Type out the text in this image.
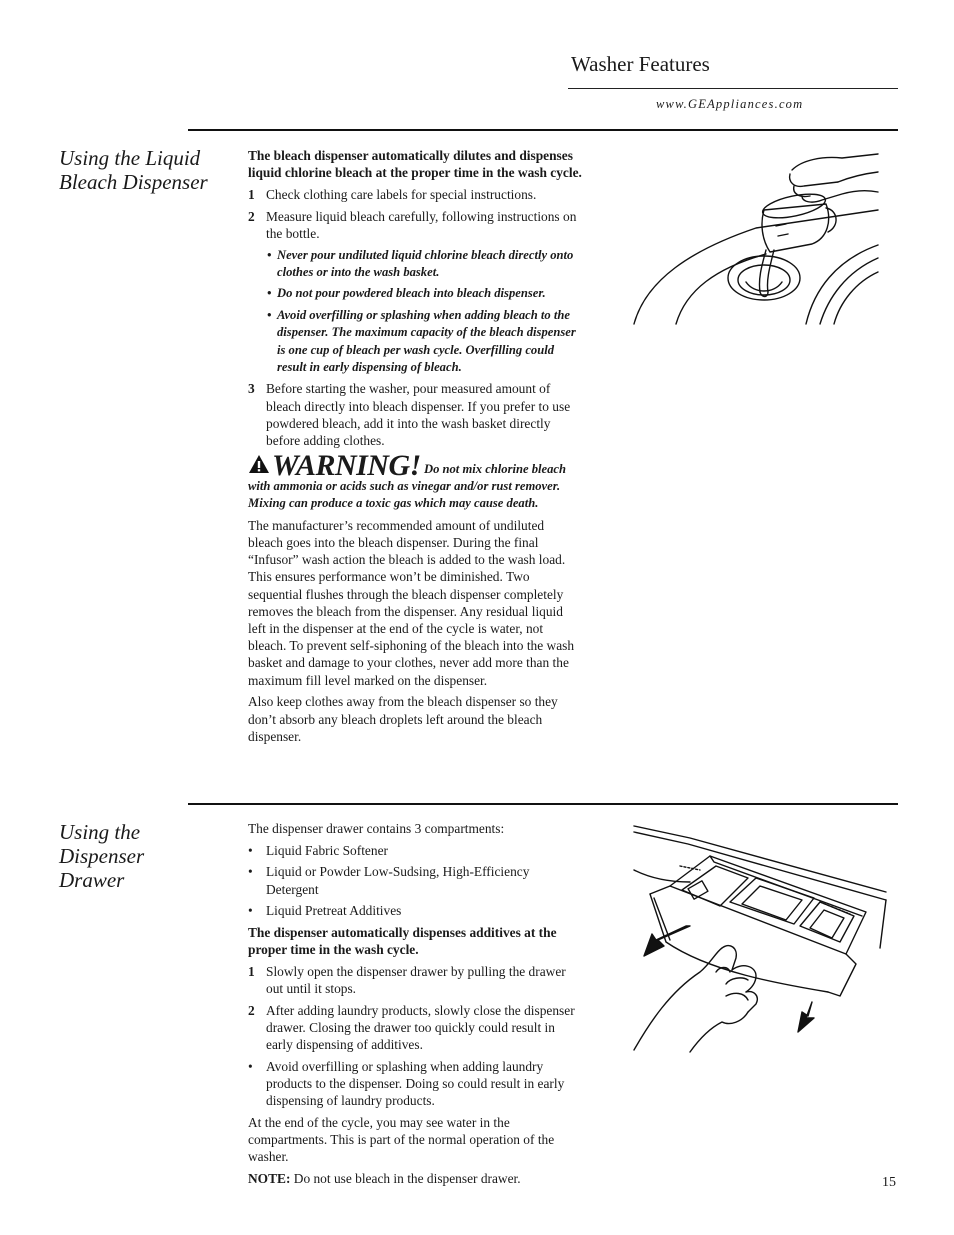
Washer Features
www.GEAppliances.com
Using the Liquid Bleach Dispenser

The bleach dispenser automatically dilutes and dispenses liquid chlorine bleach at the proper time in the wash cycle.

1 Check clothing care labels for special instructions.
2 Measure liquid bleach carefully, following instructions on the bottle.
• Never pour undiluted liquid chlorine bleach directly onto clothes or into the wash basket.
• Do not pour powdered bleach into bleach dispenser.
• Avoid overfilling or splashing when adding bleach to the dispenser. The maximum capacity of the bleach dispenser is one cup of bleach per wash cycle. Overfilling could result in early dispensing of bleach.
3 Before starting the washer, pour measured amount of bleach directly into bleach dispenser. If you prefer to use powdered bleach, add it into the wash basket directly before adding clothes.

WARNING! Do not mix chlorine bleach with ammonia or acids such as vinegar and/or rust remover. Mixing can produce a toxic gas which may cause death.

The manufacturer’s recommended amount of undiluted bleach goes into the bleach dispenser. During the final “Infusor” wash action the bleach is added to the wash load. This ensures performance won’t be diminished. Two sequential flushes through the bleach dispenser completely removes the bleach from the dispenser. Any residual liquid left in the dispenser at the end of the cycle is water, not bleach. To prevent self-siphoning of the bleach into the wash basket and damage to your clothes, never add more than the maximum fill level marked on the dispenser.

Also keep clothes away from the bleach dispenser so they don’t absorb any bleach droplets left around the bleach dispenser.

Using the Dispenser Drawer

The dispenser drawer contains 3 compartments:

• Liquid Fabric Softener
• Liquid or Powder Low-Sudsing, High-Efficiency Detergent
• Liquid Pretreat Additives

The dispenser automatically dispenses additives at the proper time in the wash cycle.

1 Slowly open the dispenser drawer by pulling the drawer out until it stops.
2 After adding laundry products, slowly close the dispenser drawer. Closing the drawer too quickly could result in early dispensing of additives.
• Avoid overfilling or splashing when adding laundry products to the dispenser. Doing so could result in early dispensing of laundry products.

At the end of the cycle, you may see water in the compartments. This is part of the normal operation of the washer.

NOTE: Do not use bleach in the dispenser drawer.	15
